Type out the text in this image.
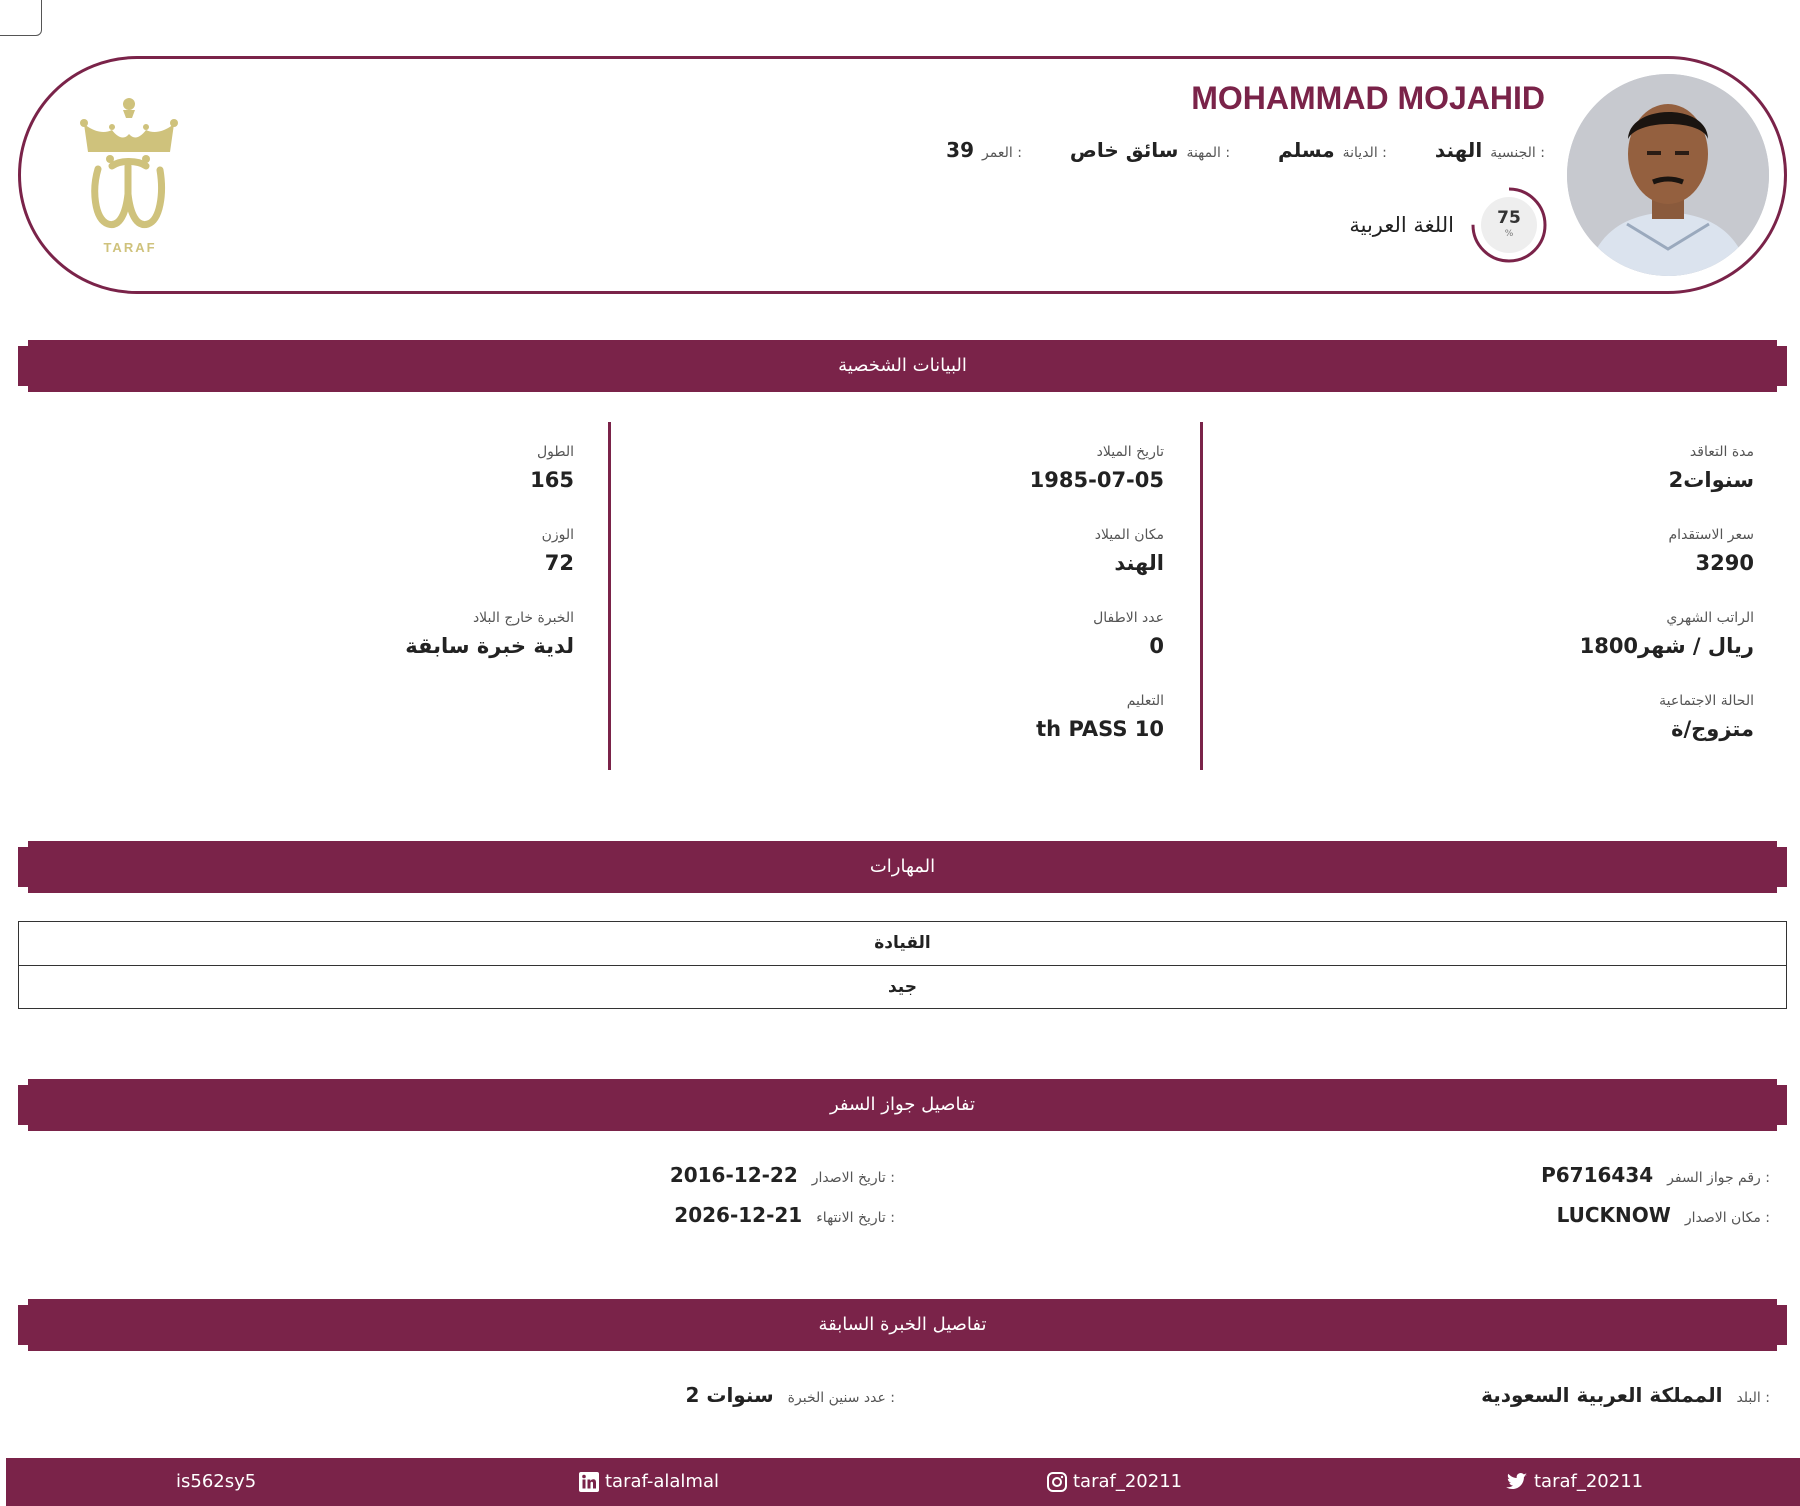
MOHAMMAD MOJAHID
الجنسية :
الهند
الديانة :
مسلم
المهنة :
سائق خاص
العمر :
39
75
%
اللغة العربية
TARAF
البيانات الشخصية
مدة التعاقد
2سنوات
سعر الاستقدام
3290
الراتب الشهري
1800ريال / شهر
الحالة الاجتماعية
متزوج/ة
تاريخ الميلاد
1985-07-05
مكان الميلاد
الهند
عدد الاطفال
0
التعليم
th PASS 10
الطول
165
الوزن
72
الخبرة خارج البلاد
لدية خبرة سابقة
المهارات
القيادة
جيد
تفاصيل جواز السفر
رقم جواز السفر :
P6716434
مكان الاصدار :
LUCKNOW
تاريخ الاصدار :
2016-12-22
تاريخ الانتهاء :
2026-12-21
تفاصيل الخبرة السابقة
البلد :
المملكة العربية السعودية
عدد سنين الخبرة :
2 سنوات
is562sy5	taraf-alalmal	taraf_20211	taraf_20211
